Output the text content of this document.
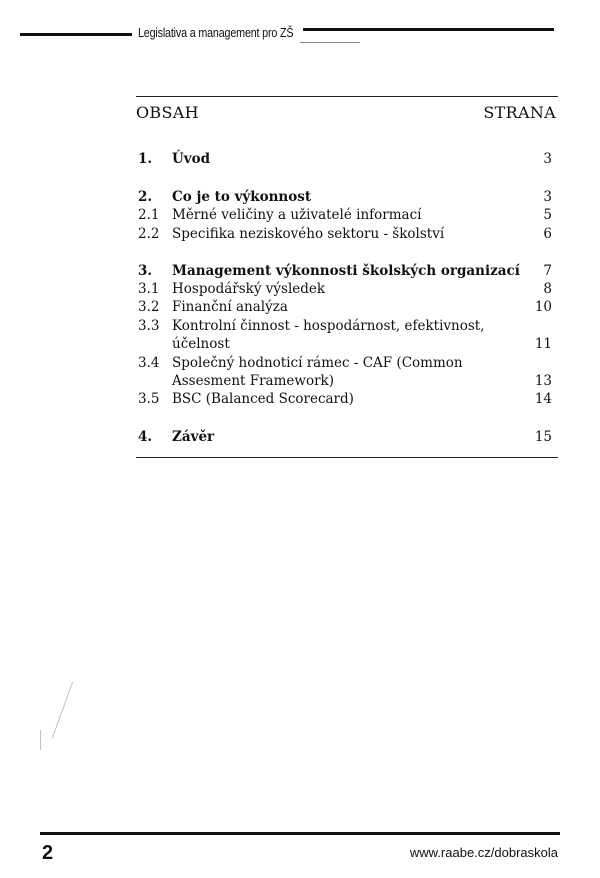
Legislativa a management pro ZŠ
OBSAH	STRANA
1. Úvod	3
2. Co je to výkonnost	3
2.1 Měrné veličiny a uživatelé informací	5
2.2 Specifika neziskového sektoru - školství	6
3. Management výkonnosti školských organizací 7
3.1 Hospodářský výsledek	8
3.2 Finanční analýza	10
3.3 Kontrolní činnost - hospodárnost, efektivnost,
účelnost	11
3.4 Společný hodnoticí rámec - CAF (Common
Assesment Framework)	13
3.5 BSC (Balanced Scorecard)	14
4. Závěr	15
2	www.raabe.cz/dobraskola
